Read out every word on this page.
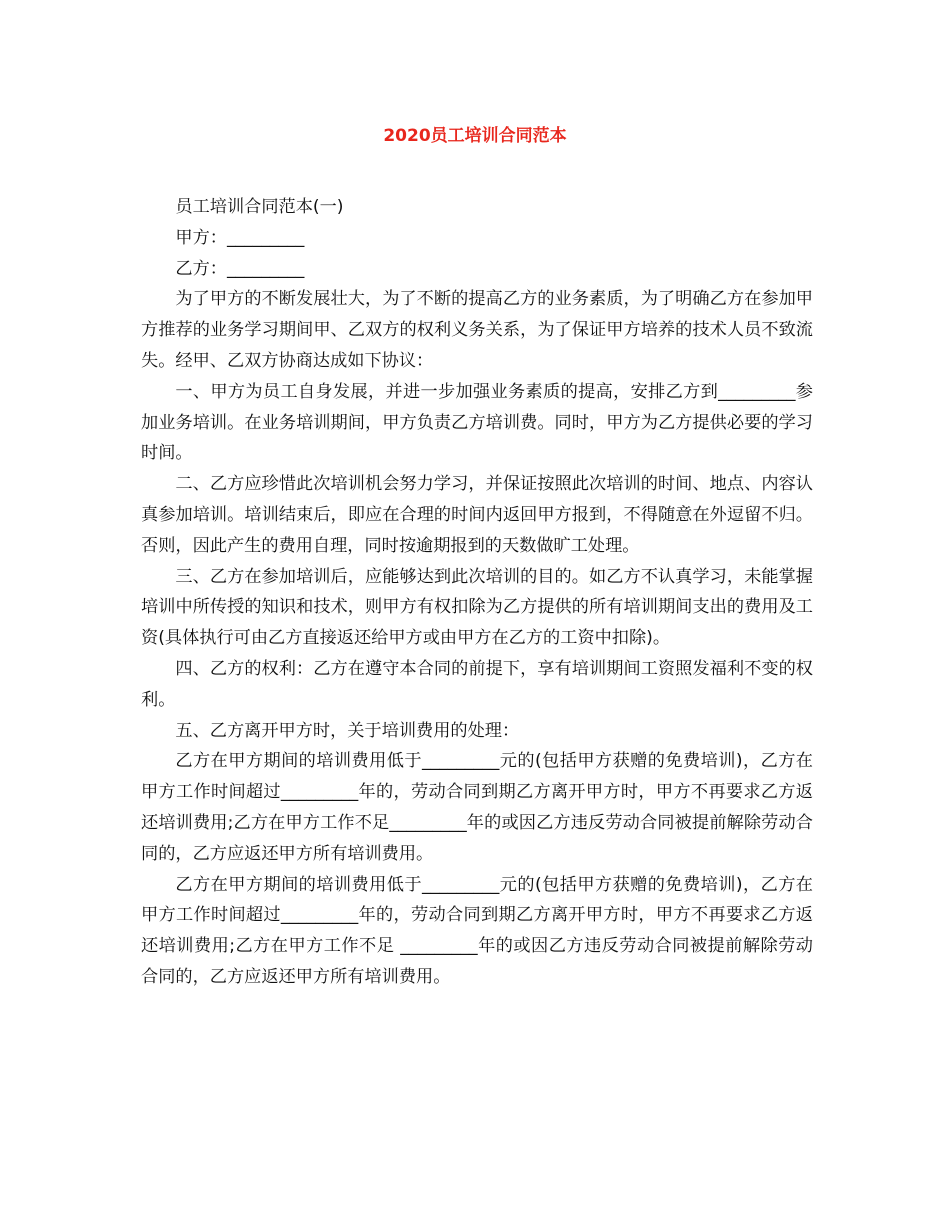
2020员工培训合同范本

员工培训合同范本(一)

甲方：_________

乙方：_________

为了甲方的不断发展壮大，为了不断的提高乙方的业务素质，为了明确乙方在参加甲方推荐的业务学习期间甲、乙双方的权利义务关系，为了保证甲方培养的技术人员不致流失。经甲、乙双方协商达成如下协议：

一、甲方为员工自身发展，并进一步加强业务素质的提高，安排乙方到_________参加业务培训。在业务培训期间，甲方负责乙方培训费。同时，甲方为乙方提供必要的学习时间。

二、乙方应珍惜此次培训机会努力学习，并保证按照此次培训的时间、地点、内容认真参加培训。培训结束后，即应在合理的时间内返回甲方报到，不得随意在外逗留不归。否则，因此产生的费用自理，同时按逾期报到的天数做旷工处理。

三、乙方在参加培训后，应能够达到此次培训的目的。如乙方不认真学习，未能掌握培训中所传授的知识和技术，则甲方有权扣除为乙方提供的所有培训期间支出的费用及工资(具体执行可由乙方直接返还给甲方或由甲方在乙方的工资中扣除)。

四、乙方的权利：乙方在遵守本合同的前提下，享有培训期间工资照发福利不变的权利。

五、乙方离开甲方时，关于培训费用的处理：

乙方在甲方期间的培训费用低于_________元的(包括甲方获赠的免费培训)，乙方在甲方工作时间超过_________年的，劳动合同到期乙方离开甲方时，甲方不再要求乙方返还培训费用;乙方在甲方工作不足_________年的或因乙方违反劳动合同被提前解除劳动合同的，乙方应返还甲方所有培训费用。

乙方在甲方期间的培训费用低于_________元的(包括甲方获赠的免费培训)，乙方在甲方工作时间超过_________年的，劳动合同到期乙方离开甲方时，甲方不再要求乙方返还培训费用;乙方在甲方工作不足 _________年的或因乙方违反劳动合同被提前解除劳动合同的，乙方应返还甲方所有培训费用。
